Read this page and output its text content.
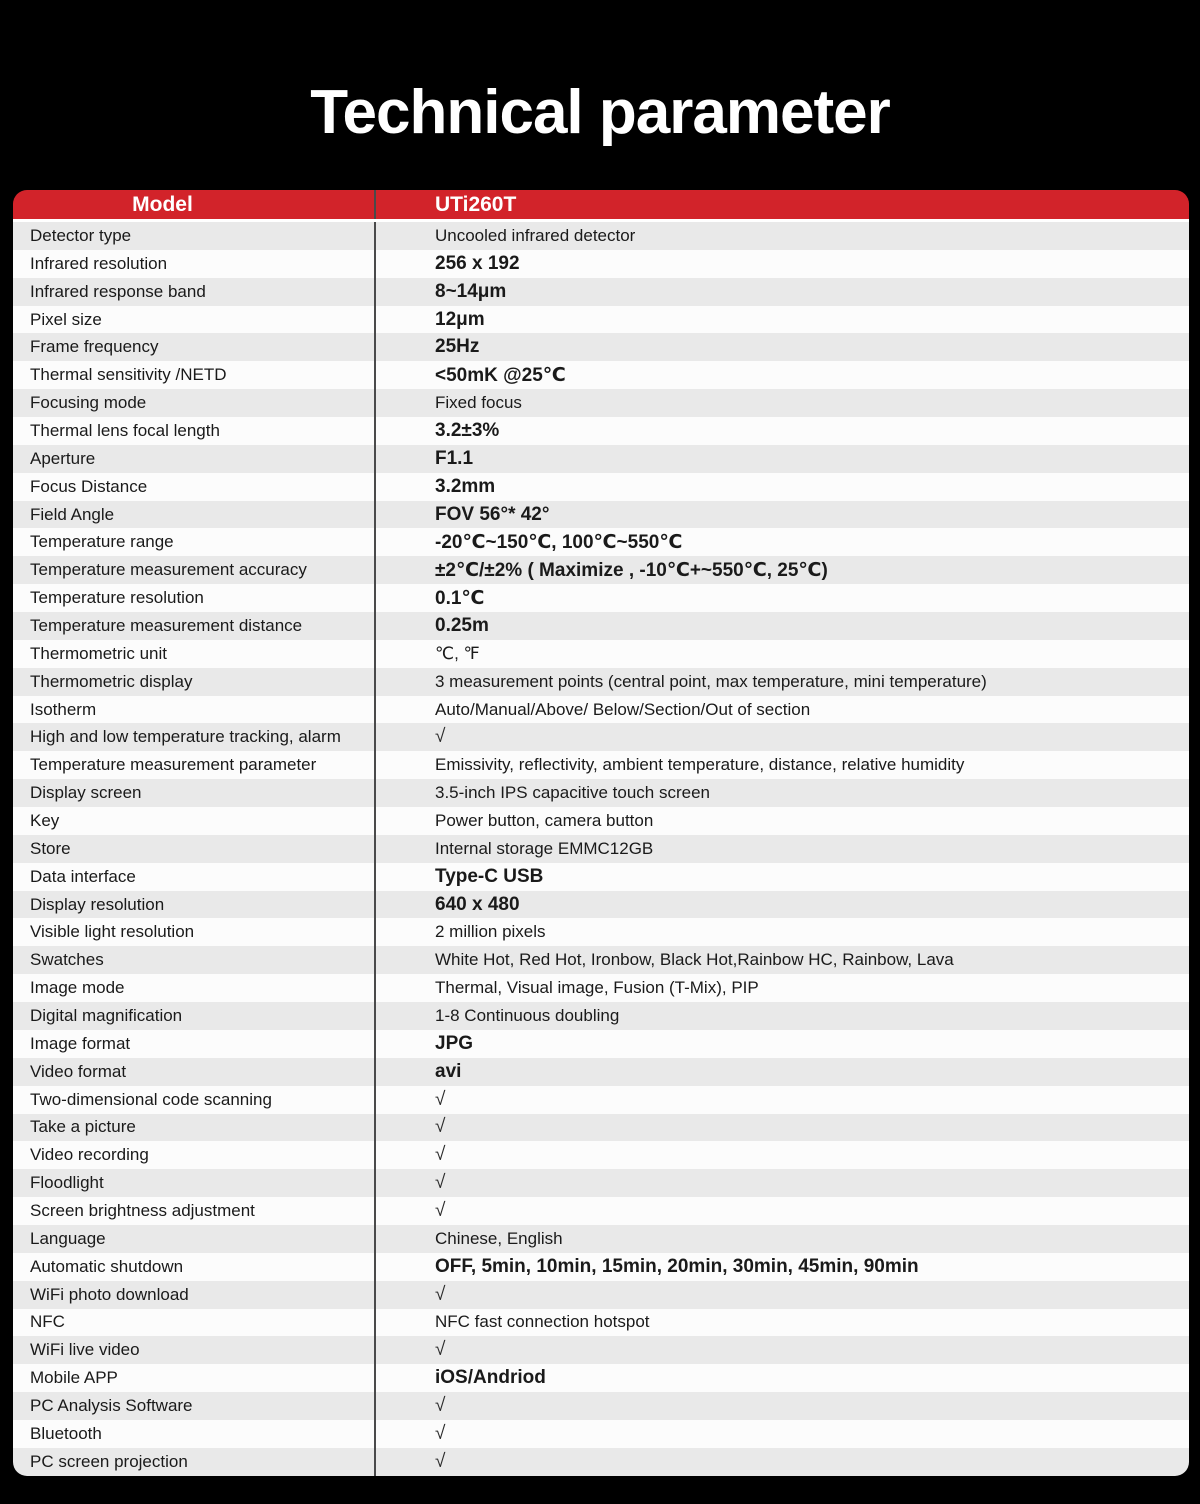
Technical parameter
Model	UTi260T
Detector type	Uncooled infrared detector
Infrared resolution	256 x 192
Infrared response band	8~14μm
Pixel size	12μm
Frame frequency	25Hz
Thermal sensitivity /NETD	<50mK @25℃
Focusing mode	Fixed focus
Thermal lens focal length	3.2±3%
Aperture	F1.1
Focus Distance	3.2mm
Field Angle	FOV 56°* 42°
Temperature range	-20℃~150℃, 100℃~550℃
Temperature measurement accuracy	±2℃/±2% ( Maximize , -10℃+~550℃, 25℃)
Temperature resolution	0.1℃
Temperature measurement distance	0.25m
Thermometric unit	℃, ℉
Thermometric display	3 measurement points (central point, max temperature, mini temperature)
Isotherm	Auto/Manual/Above/ Below/Section/Out of section
High and low temperature tracking, alarm	√
Temperature measurement parameter	Emissivity, reflectivity, ambient temperature, distance, relative humidity
Display screen	3.5-inch IPS capacitive touch screen
Key	Power button, camera button
Store	Internal storage EMMC12GB
Data interface	Type-C USB
Display resolution	640 x 480
Visible light resolution	2 million pixels
Swatches	White Hot, Red Hot, Ironbow, Black Hot,Rainbow HC, Rainbow, Lava
Image mode	Thermal, Visual image, Fusion (T-Mix), PIP
Digital magnification	1-8 Continuous doubling
Image format	JPG
Video format	avi
Two-dimensional code scanning	√
Take a picture	√
Video recording	√
Floodlight	√
Screen brightness adjustment	√
Language	Chinese, English
Automatic shutdown	OFF, 5min, 10min, 15min, 20min, 30min, 45min, 90min
WiFi photo download	√
NFC	NFC fast connection hotspot
WiFi live video	√
Mobile APP	iOS/Andriod
PC Analysis Software	√
Bluetooth	√
PC screen projection	√
